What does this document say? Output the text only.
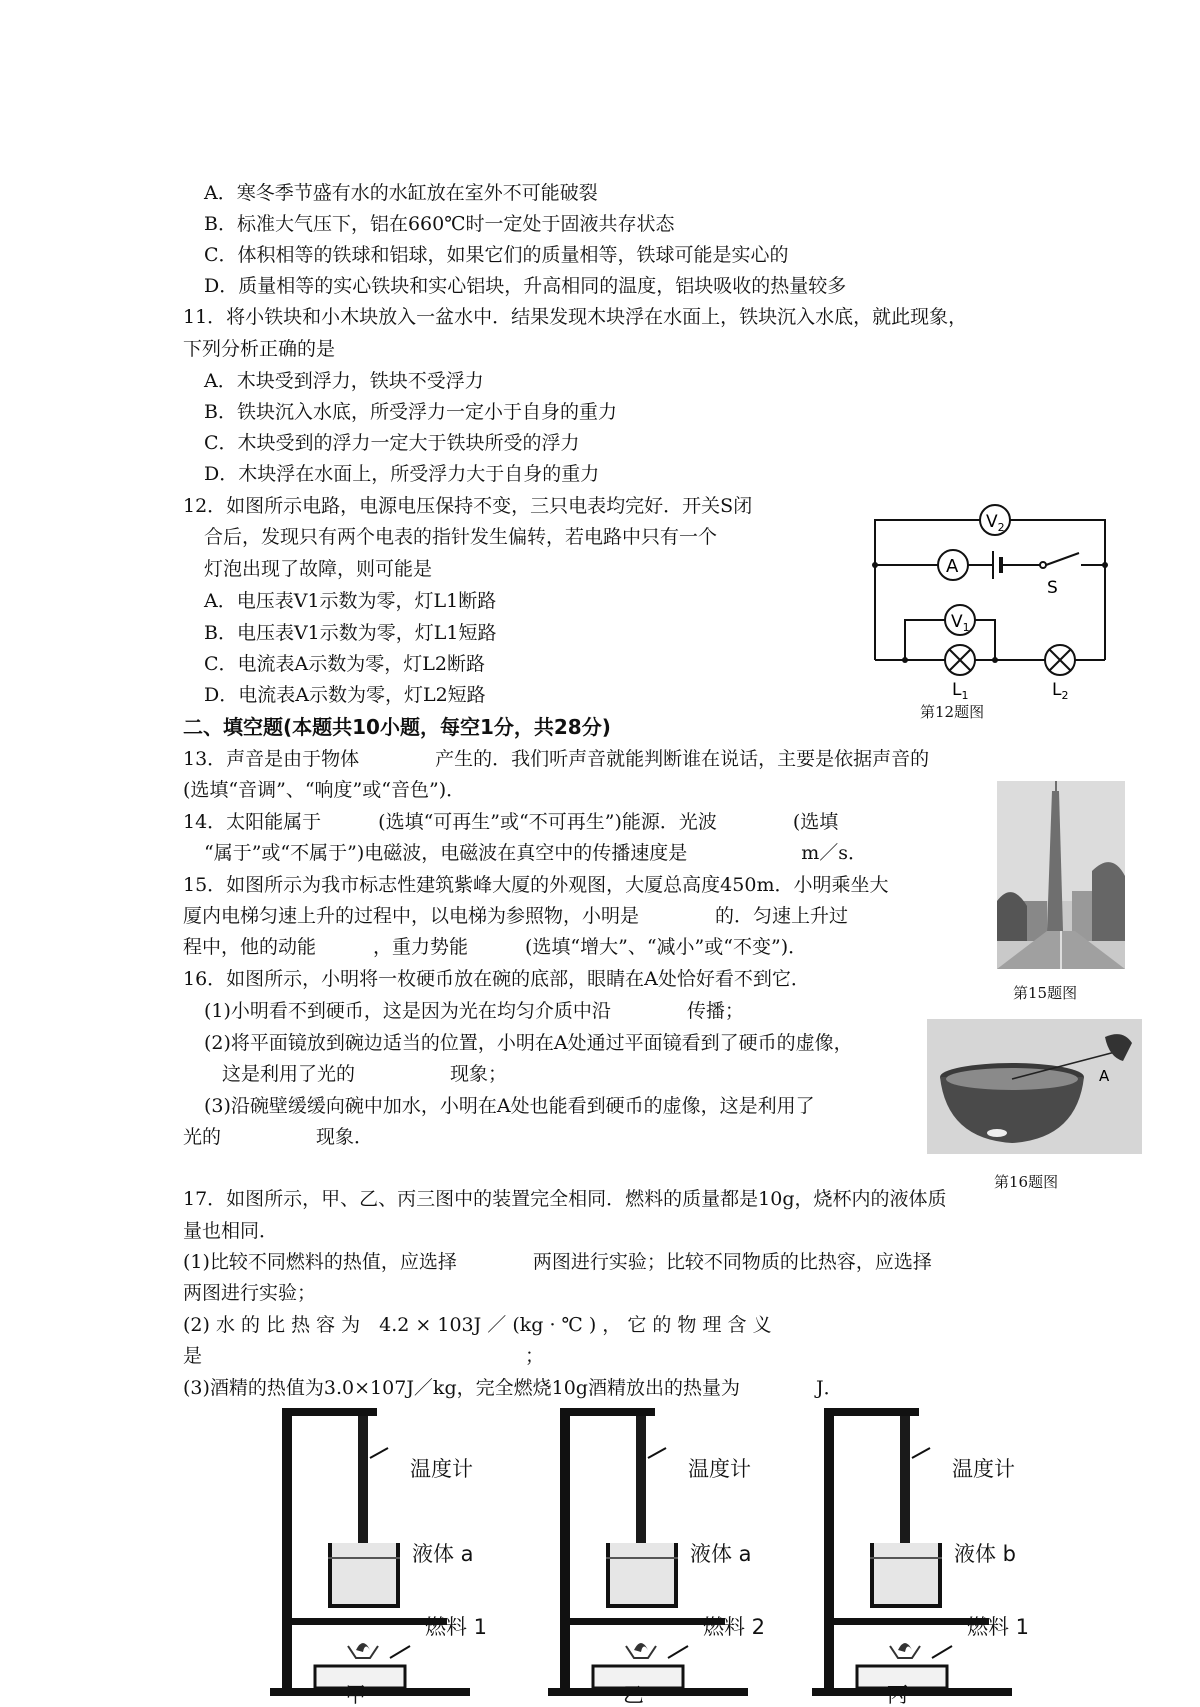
A．寒冬季节盛有水的水缸放在室外不可能破裂
B．标准大气压下，铝在660℃时一定处于固液共存状态
C．体积相等的铁球和铝球，如果它们的质量相等，铁球可能是实心的
D．质量相等的实心铁块和实心铝块，升高相同的温度，铝块吸收的热量较多
11．将小铁块和小木块放入一盆水中．结果发现木块浮在水面上，铁块沉入水底，就此现象，
下列分析正确的是
A．木块受到浮力，铁块不受浮力
B．铁块沉入水底，所受浮力一定小于自身的重力
C．木块受到的浮力一定大于铁块所受的浮力
D．木块浮在水面上，所受浮力大于自身的重力
12．如图所示电路，电源电压保持不变，三只电表均完好．开关S闭
合后，发现只有两个电表的指针发生偏转，若电路中只有一个
灯泡出现了故障，则可能是
A．电压表V1示数为零，灯L1断路
B．电压表V1示数为零，灯L1短路
C．电流表A示数为零，灯L2断路
D．电流表A示数为零，灯L2短路
$V_2$
A
S
$V_1$
$L_1$	$L_2$
第12题图
二、填空题(本题共10小题，每空1分，共28分)
13．声音是由于物体　　　　产生的．我们听声音就能判断谁在说话，主要是依据声音的
(选填“音调”、“响度”或“音色”)．
14．太阳能属于　　　(选填“可再生”或“不可再生”)能源．光波　　　　(选填
“属于”或“不属于”)电磁波，电磁波在真空中的传播速度是　　　　　　m／s．
15．如图所示为我市标志性建筑紫峰大厦的外观图，大厦总高度450m．小明乘坐大
厦内电梯匀速上升的过程中，以电梯为参照物，小明是　　　　的．匀速上升过
程中，他的动能　　　，重力势能　　　(选填“增大”、“减小”或“不变”)．
第15题图
16．如图所示，小明将一枚硬币放在碗的底部，眼睛在A处恰好看不到它．
(1)小明看不到硬币，这是因为光在均匀介质中沿　　　　传播；
(2)将平面镜放到碗边适当的位置，小明在A处通过平面镜看到了硬币的虚像，
这是利用了光的　　　　　现象；
(3)沿碗壁缓缓向碗中加水，小明在A处也能看到硬币的虚像，这是利用了
光的　　　　　现象．
A
第16题图
17．如图所示，甲、乙、丙三图中的装置完全相同．燃料的质量都是10g，烧杯内的液体质
量也相同．
(1)比较不同燃料的热值，应选择　　　　两图进行实验；比较不同物质的比热容，应选择
两图进行实验；
(2) 水 的 比 热 容 为　4.2 × 103J ／ (kg · ℃ ) ， 它 的 物 理 含 义
是　　　　　　　　　　　　　　　　　；
(3)酒精的热值为3.0×107J／kg，完全燃烧10g酒精放出的热量为　　　　J．
温度计
液体 a
燃料 1
甲
温度计
液体 a
燃料 2
乙
温度计
液体 b
燃料 1
丙
